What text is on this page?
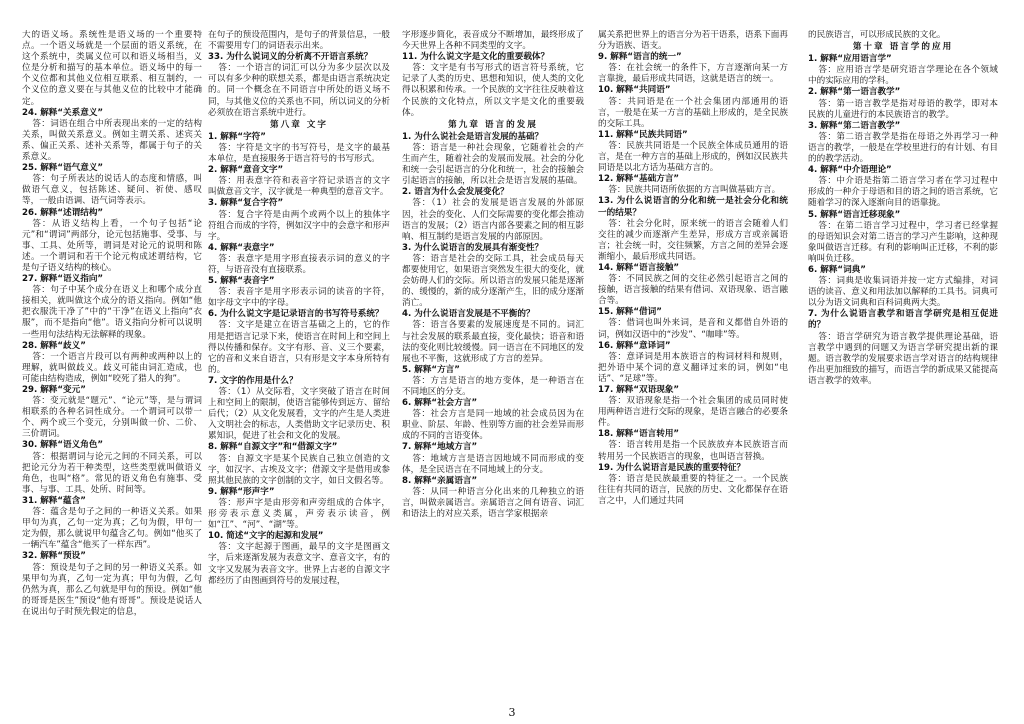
大的语义场。系统性是语义场的一个重要特点。一个语义场就是一个层面的语义系统，在这个系统中，类属义位可以和语义场相当，义位是分析和描写的基本单位。语义场中的每一个义位都和其他义位相互联系、相互制约，一个义位的意义要在与其他义位的比较中才能确定。
24. 解释“关系意义”
答：词语在组合中所表现出来的一定的结构关系，叫做关系意义。例如主谓关系、述宾关系、偏正关系、述补关系等，都属于句子的关系意义。
25. 解释“语气意义”
答：句子所表达的说话人的态度和情感，叫做语气意义，包括陈述、疑问、祈使、感叹等，一般由语调、语气词等表示。
26. 解释“述谓结构”
答：从语义结构上看，一个句子包括“论元”和“谓词”两部分，论元包括施事、受事、与事、工具、处所等，谓词是对论元的说明和陈述。一个谓词和若干个论元构成述谓结构，它是句子语义结构的核心。
27. 解释“语义指向”
答：句子中某个成分在语义上和哪个成分直接相关，就叫做这个成分的语义指向。例如“他把衣服洗干净了”中的“干净”在语义上指向“衣服”，而不是指向“他”。语义指向分析可以说明一些用句法结构无法解释的现象。
28. 解释“歧义”
答：一个语言片段可以有两种或两种以上的理解，就叫做歧义。歧义可能由词汇造成，也可能由结构造成，例如“咬死了猎人的狗”。
29. 解释“变元”
答：变元就是“题元”、“论元”等，是与谓词相联系的各种名词性成分。一个谓词可以带一个、两个或三个变元，分别叫做一价、二价、三价谓词。
30. 解释“语义角色”
答：根据谓词与论元之间的不同关系，可以把论元分为若干种类型，这些类型就叫做语义角色，也叫“格”。常见的语义角色有施事、受事、与事、工具、处所、时间等。
31. 解释“蕴含”
答：蕴含是句子之间的一种语义关系。如果甲句为真，乙句一定为真；乙句为假，甲句一定为假，那么就说甲句蕴含乙句。例如“他买了一辆汽车”蕴含“他买了一样东西”。
32. 解释“预设”
答：预设是句子之间的另一种语义关系。如果甲句为真，乙句一定为真；甲句为假，乙句仍然为真，那么乙句就是甲句的预设。例如“他的哥哥是医生”预设“他有哥哥”。预设是说话人在说出句子时预先假定的信息，
在句子的预设范围内，是句子的背景信息，一般不需要用专门的词语表示出来。
33. 为什么说词义的分析离不开语言系统？
答：一个语言的词汇可以分为多少层次以及可以有多少种的联想关系，都是由语言系统决定的。同一个概念在不同语言中所处的语义场不同，与其他义位的关系也不同，所以词义的分析必须放在语言系统中进行。
第八章 文字
1. 解释“字符”
答：字符是文字的书写符号，是文字的最基本单位，是直接服务于语言符号的书写形式。
2. 解释“意音文字”
答：用表意字符和表音字符记录语言的文字叫做意音文字，汉字就是一种典型的意音文字。
3. 解释“复合字符”
答：复合字符是由两个或两个以上的独体字符组合而成的字符，例如汉字中的会意字和形声字。
4. 解释“表意字”
答：表意字是用字形直接表示词的意义的字符，与语音没有直接联系。
5. 解释“表音字”
答：表音字是用字形表示词的读音的字符，如字母文字中的字母。
6. 为什么说文字是记录语言的书写符号系统？
答：文字是建立在语言基础之上的，它的作用是把语言记录下来，使语言在时间上和空间上得以传播和保存。文字有形、音、义三个要素，它的音和义来自语言，只有形是文字本身所特有的。
7. 文字的作用是什么？
答：（1）从交际看，文字突破了语言在时间上和空间上的限制，使语言能够传到远方、留给后代；（2）从文化发展看，文字的产生是人类进入文明社会的标志，人类借助文字记录历史、积累知识，促进了社会和文化的发展。
8. 解释“自源文字”和“借源文字”
答：自源文字是某个民族自己独立创造的文字，如汉字、古埃及文字；借源文字是借用或参照其他民族的文字创制的文字，如日文假名等。
9. 解释“形声字”
答：形声字是由形旁和声旁组成的合体字，形旁表示意义类属，声旁表示读音，例如“江”、“河”、“湖”等。
10. 简述“文字的起源和发展”
答：文字起源于图画，最早的文字是图画文字，后来逐渐发展为表意文字、意音文字，有的文字又发展为表音文字。世界上古老的自源文字都经历了由图画到符号的发展过程，
字形逐步简化，表音成分不断增加，最终形成了今天世界上各种不同类型的文字。
11. 为什么说文字是文化的重要载体？
答：文字是有书写形式的语言符号系统，它记录了人类的历史、思想和知识，使人类的文化得以积累和传承。一个民族的文字往往反映着这个民族的文化特点，所以文字是文化的重要载体。
第九章 语言的发展
1. 为什么说社会是语言发展的基础？
答：语言是一种社会现象，它随着社会的产生而产生，随着社会的发展而发展。社会的分化和统一会引起语言的分化和统一，社会的接触会引起语言的接触，所以社会是语言发展的基础。
2. 语言为什么会发展变化？
答：（1）社会的发展是语言发展的外部原因，社会的变化、人们交际需要的变化都会推动语言的发展；（2）语言内部各要素之间的相互影响、相互制约是语言发展的内部原因。
3. 为什么说语言的发展具有渐变性？
答：语言是社会的交际工具，社会成员每天都要使用它，如果语言突然发生很大的变化，就会妨碍人们的交际。所以语言的发展只能是逐渐的、缓慢的，新的成分逐渐产生，旧的成分逐渐消亡。
4. 为什么说语言发展是不平衡的？
答：语言各要素的发展速度是不同的。词汇与社会发展的联系最直接，变化最快；语音和语法的变化则比较缓慢。同一语言在不同地区的发展也不平衡，这就形成了方言的差异。
5. 解释“方言”
答：方言是语言的地方变体，是一种语言在不同地区的分支。
6. 解释“社会方言”
答：社会方言是同一地域的社会成员因为在职业、阶层、年龄、性别等方面的社会差异而形成的不同的言语变体。
7. 解释“地域方言”
答：地域方言是语言因地域不同而形成的变体，是全民语言在不同地域上的分支。
8. 解释“亲属语言”
答：从同一种语言分化出来的几种独立的语言，叫做亲属语言。亲属语言之间有语音、词汇和语法上的对应关系，语言学家根据亲
属关系把世界上的语言分为若干语系，语系下面再分为语族、语支。
9. 解释“语言的统一”
答：在社会统一的条件下，方言逐渐向某一方言靠拢，最后形成共同语，这就是语言的统一。
10. 解释“共同语”
答：共同语是在一个社会集团内部通用的语言，一般是在某一方言的基础上形成的，是全民族的交际工具。
11. 解释“民族共同语”
答：民族共同语是一个民族全体成员通用的语言，是在一种方言的基础上形成的，例如汉民族共同语是以北方话为基础方言的。
12. 解释“基础方言”
答：民族共同语所依据的方言叫做基础方言。
13. 为什么说语言的分化和统一是社会分化和统一的结果？
答：社会分化时，原来统一的语言会随着人们交往的减少而逐渐产生差异，形成方言或亲属语言；社会统一时，交往频繁，方言之间的差异会逐渐缩小，最后形成共同语。
14. 解释“语言接触”
答：不同民族之间的交往必然引起语言之间的接触，语言接触的结果有借词、双语现象、语言融合等。
15. 解释“借词”
答：借词也叫外来词，是音和义都借自外语的词，例如汉语中的“沙发”、“咖啡”等。
16. 解释“意译词”
答：意译词是用本族语言的构词材料和规则，把外语中某个词的意义翻译过来的词，例如“电话”、“足球”等。
17. 解释“双语现象”
答：双语现象是指一个社会集团的成员同时使用两种语言进行交际的现象，是语言融合的必要条件。
18. 解释“语言转用”
答：语言转用是指一个民族放弃本民族语言而转用另一个民族语言的现象，也叫语言替换。
19. 为什么说语言是民族的重要特征？
答：语言是民族最重要的特征之一。一个民族往往有共同的语言，民族的历史、文化都保存在语言之中，人们通过共同
的民族语言，可以形成民族的文化。
第十章 语言学的应用
1. 解释“应用语言学”
答：应用语言学是研究语言学理论在各个领域中的实际应用的学科。
2. 解释“第一语言教学”
答：第一语言教学是指对母语的教学，即对本民族的儿童进行的本民族语言的教学。
3. 解释“第二语言教学”
答：第二语言教学是指在母语之外再学习一种语言的教学，一般是在学校里进行的有计划、有目的的教学活动。
4. 解释“中介语理论”
答：中介语是指第二语言学习者在学习过程中形成的一种介于母语和目的语之间的语言系统，它随着学习的深入逐渐向目的语靠拢。
5. 解释“语言迁移现象”
答：在第二语言学习过程中，学习者已经掌握的母语知识会对第二语言的学习产生影响，这种现象叫做语言迁移。有利的影响叫正迁移，不利的影响叫负迁移。
6. 解释“词典”
答：词典是收集词语并按一定方式编排，对词语的读音、意义和用法加以解释的工具书。词典可以分为语文词典和百科词典两大类。
7. 为什么说语言教学和语言学研究是相互促进的？
答：语言学研究为语言教学提供理论基础，语言教学中遇到的问题又为语言学研究提出新的课题。语言教学的发展要求语言学对语言的结构规律作出更加细致的描写，而语言学的新成果又能提高语言教学的效率。
3
